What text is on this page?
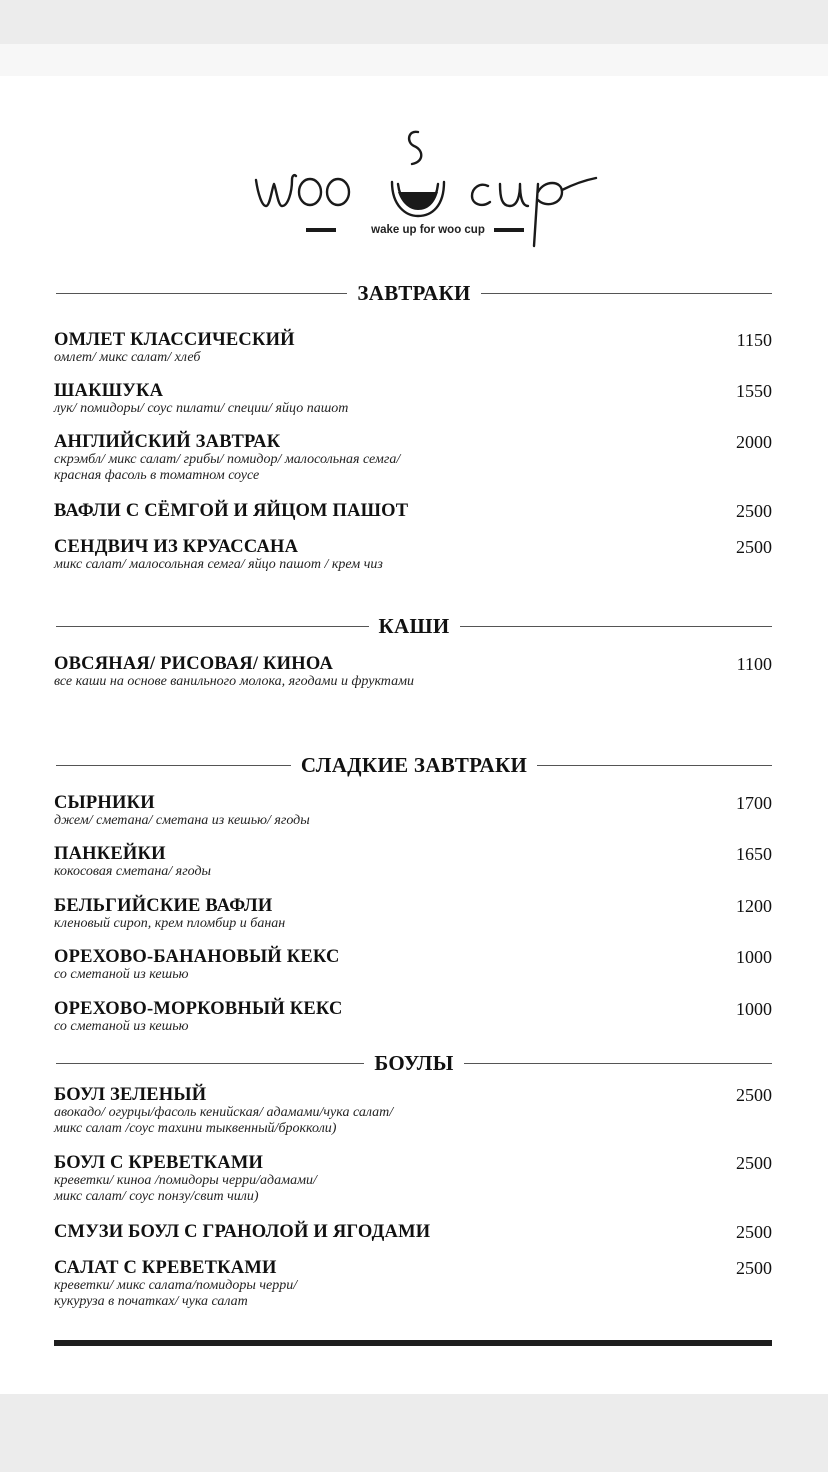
wake up for woo cup
ЗАВТРАКИ
ОМЛЕТ КЛАССИЧЕСКИЙ
омлет/ микс салат/ хлеб
1150
ШАКШУКА
лук/ помидоры/ соус пилати/ специи/ яйцо пашот
1550
АНГЛИЙСКИЙ ЗАВТРАК
скрэмбл/ микс салат/ грибы/ помидор/ малосольная семга/
красная фасоль в томатном соусе
2000
ВАФЛИ С СЁМГОЙ И ЯЙЦОМ ПАШОТ	2500
СЕНДВИЧ ИЗ КРУАССАНА
микс салат/ малосольная семга/ яйцо пашот / крем чиз
2500
КАШИ
ОВСЯНАЯ/ РИСОВАЯ/ КИНОА
все каши на основе ванильного молока, ягодами и фруктами
1100
СЛАДКИЕ ЗАВТРАКИ
СЫРНИКИ
джем/ сметана/ сметана из кешью/ ягоды
1700
ПАНКЕЙКИ
кокосовая сметана/ ягоды
1650
БЕЛЬГИЙСКИЕ ВАФЛИ
кленовый сироп, крем пломбир и банан
1200
ОРЕХОВО-БАНАНОВЫЙ КЕКС
со сметаной из кешью
1000
ОРЕХОВО-МОРКОВНЫЙ КЕКС
со сметаной из кешью
1000
БОУЛЫ
БОУЛ ЗЕЛЕНЫЙ
авокадо/ огурцы/фасоль кенийская/ адамами/чука салат/
микс салат /соус тахини тыквенный/брокколи)
2500
БОУЛ С КРЕВЕТКАМИ
креветки/ киноа /помидоры черри/адамами/
микс салат/ соус понзу/свит чили)
2500
СМУЗИ БОУЛ С ГРАНОЛОЙ И ЯГОДАМИ	2500
САЛАТ С КРЕВЕТКАМИ
креветки/ микс салата/помидоры черри/
кукуруза в початках/ чука салат
2500
